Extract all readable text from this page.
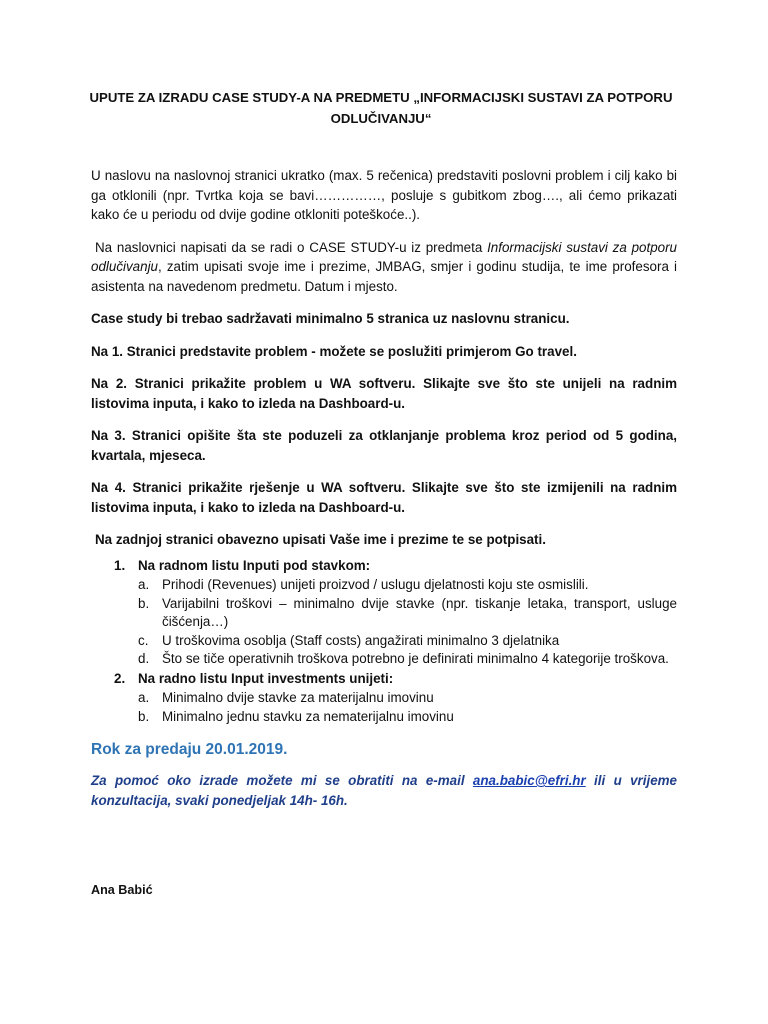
UPUTE ZA IZRADU CASE STUDY-A NA PREDMETU „INFORMACIJSKI SUSTAVI ZA POTPORU
ODLUČIVANJU“

U naslovu na naslovnoj stranici ukratko (max. 5 rečenica) predstaviti poslovni problem i cilj kako bi ga otklonili (npr. Tvrtka koja se bavi……………, posluje s gubitkom zbog…., ali ćemo prikazati kako će u periodu od dvije godine otkloniti poteškoće..).

Na naslovnici napisati da se radi o CASE STUDY-u iz predmeta Informacijski sustavi za potporu odlučivanju, zatim upisati svoje ime i prezime, JMBAG, smjer i godinu studija, te ime profesora i asistenta na navedenom predmetu. Datum i mjesto.

Case study bi trebao sadržavati minimalno 5 stranica uz naslovnu stranicu.

Na 1. Stranici predstavite problem - možete se poslužiti primjerom Go travel.

Na 2. Stranici prikažite problem u WA softveru. Slikajte sve što ste unijeli na radnim listovima inputa, i kako to izleda na Dashboard-u.

Na 3. Stranici opišite šta ste poduzeli za otklanjanje problema kroz period od 5 godina, kvartala, mjeseca.

Na 4. Stranici prikažite rješenje u WA softveru. Slikajte sve što ste izmijenili na radnim listovima inputa, i kako to izleda na Dashboard-u.

Na zadnjoj stranici obavezno upisati Vaše ime i prezime te se potpisati.

1. Na radnom listu Inputi pod stavkom:
a. Prihodi (Revenues) unijeti proizvod / uslugu djelatnosti koju ste osmislili.
b. Varijabilni troškovi – minimalno dvije stavke (npr. tiskanje letaka, transport, usluge čišćenja…)
c. U troškovima osoblja (Staff costs) angažirati minimalno 3 djelatnika
d. Što se tiče operativnih troškova potrebno je definirati minimalno 4 kategorije troškova.
2. Na radno listu Input investments unijeti:
a. Minimalno dvije stavke za materijalnu imovinu
b. Minimalno jednu stavku za nematerijalnu imovinu
Rok za predaju 20.01.2019.

Za pomoć oko izrade možete mi se obratiti na e-mail ana.babic@efri.hr ili u vrijeme konzultacija, svaki ponedjeljak 14h- 16h.

Ana Babić
